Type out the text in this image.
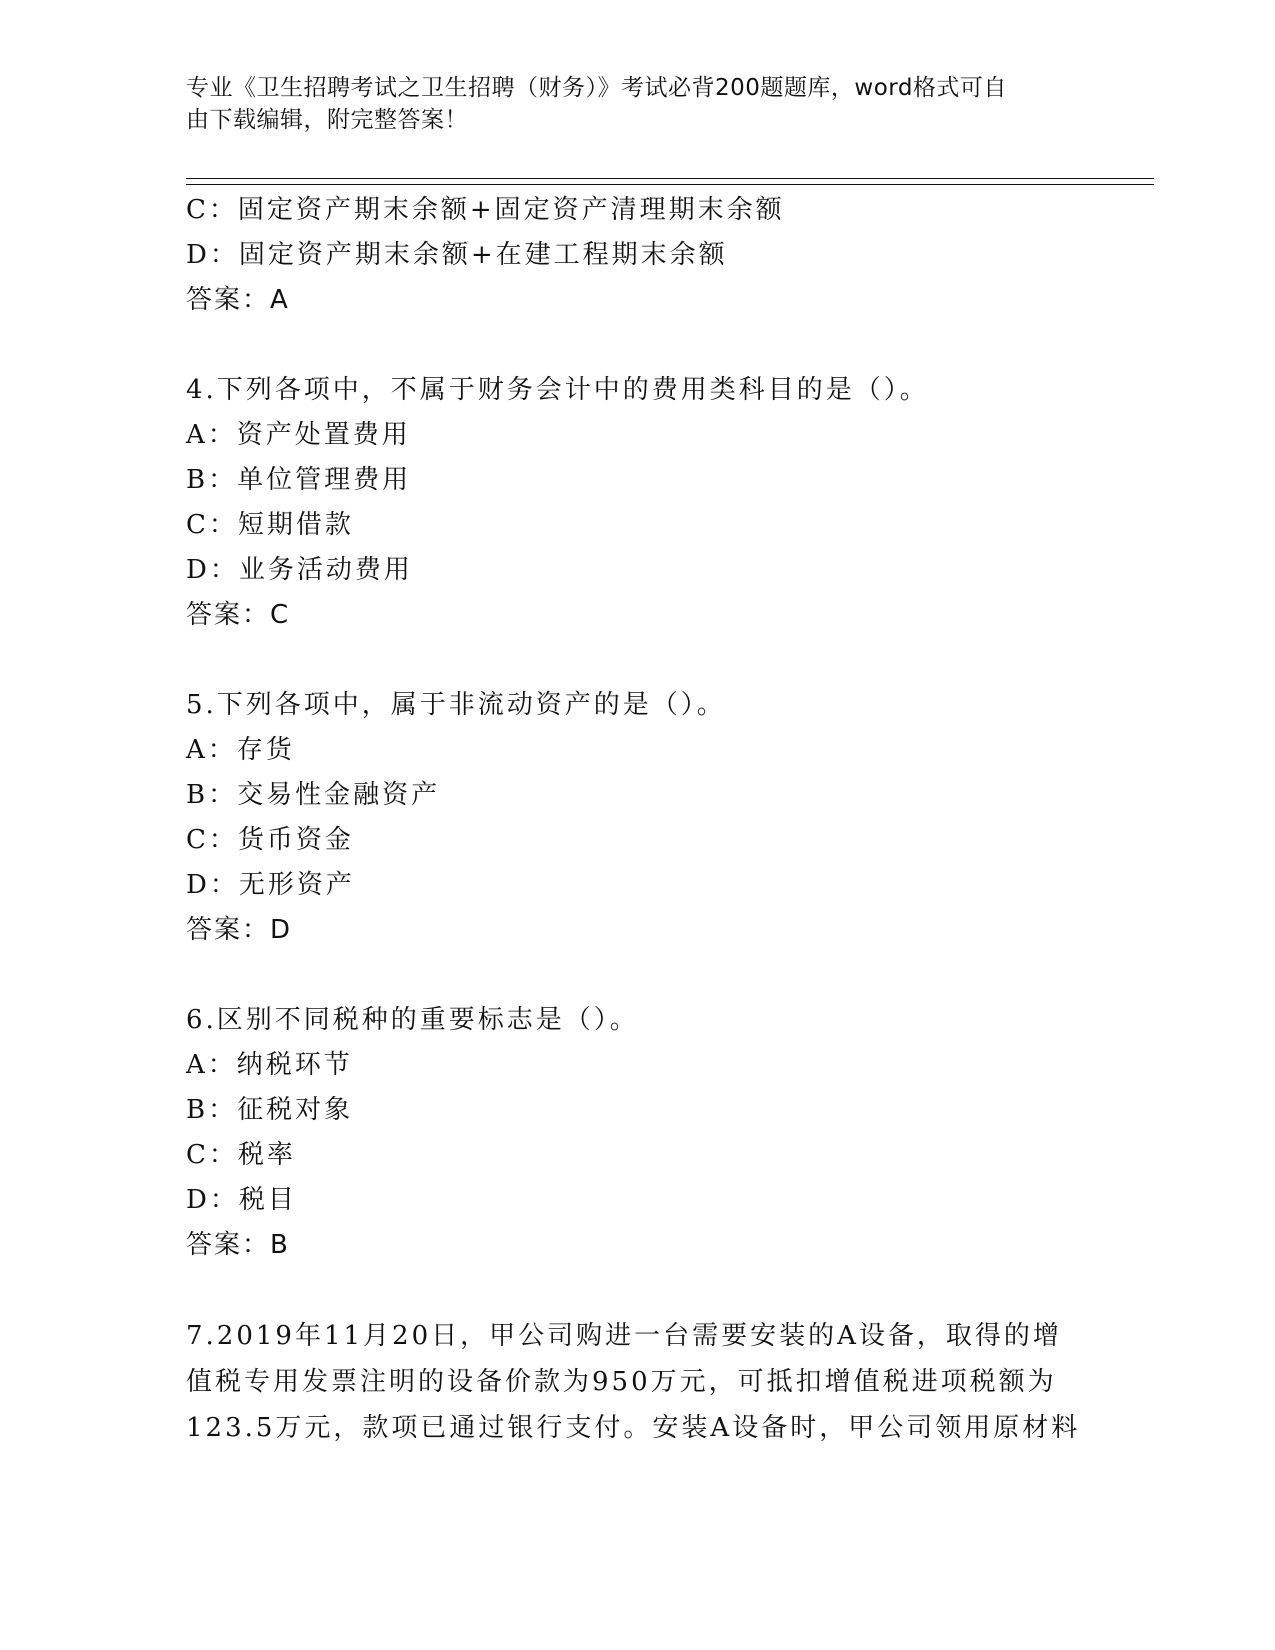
专业《卫生招聘考试之卫生招聘（财务）》考试必背200题题库，word格式可自
由下载编辑，附完整答案！
C：固定资产期末余额+固定资产清理期末余额
D：固定资产期末余额+在建工程期末余额
答案：A
4.下列各项中，不属于财务会计中的费用类科目的是（）。
A：资产处置费用
B：单位管理费用
C：短期借款
D：业务活动费用
答案：C
5.下列各项中，属于非流动资产的是（）。
A：存货
B：交易性金融资产
C：货币资金
D：无形资产
答案：D
6.区别不同税种的重要标志是（）。
A：纳税环节
B：征税对象
C：税率
D：税目
答案：B
7.2019年11月20日，甲公司购进一台需要安装的A设备，取得的增
值税专用发票注明的设备价款为950万元，可抵扣增值税进项税额为
123.5万元，款项已通过银行支付。安装A设备时，甲公司领用原材料
